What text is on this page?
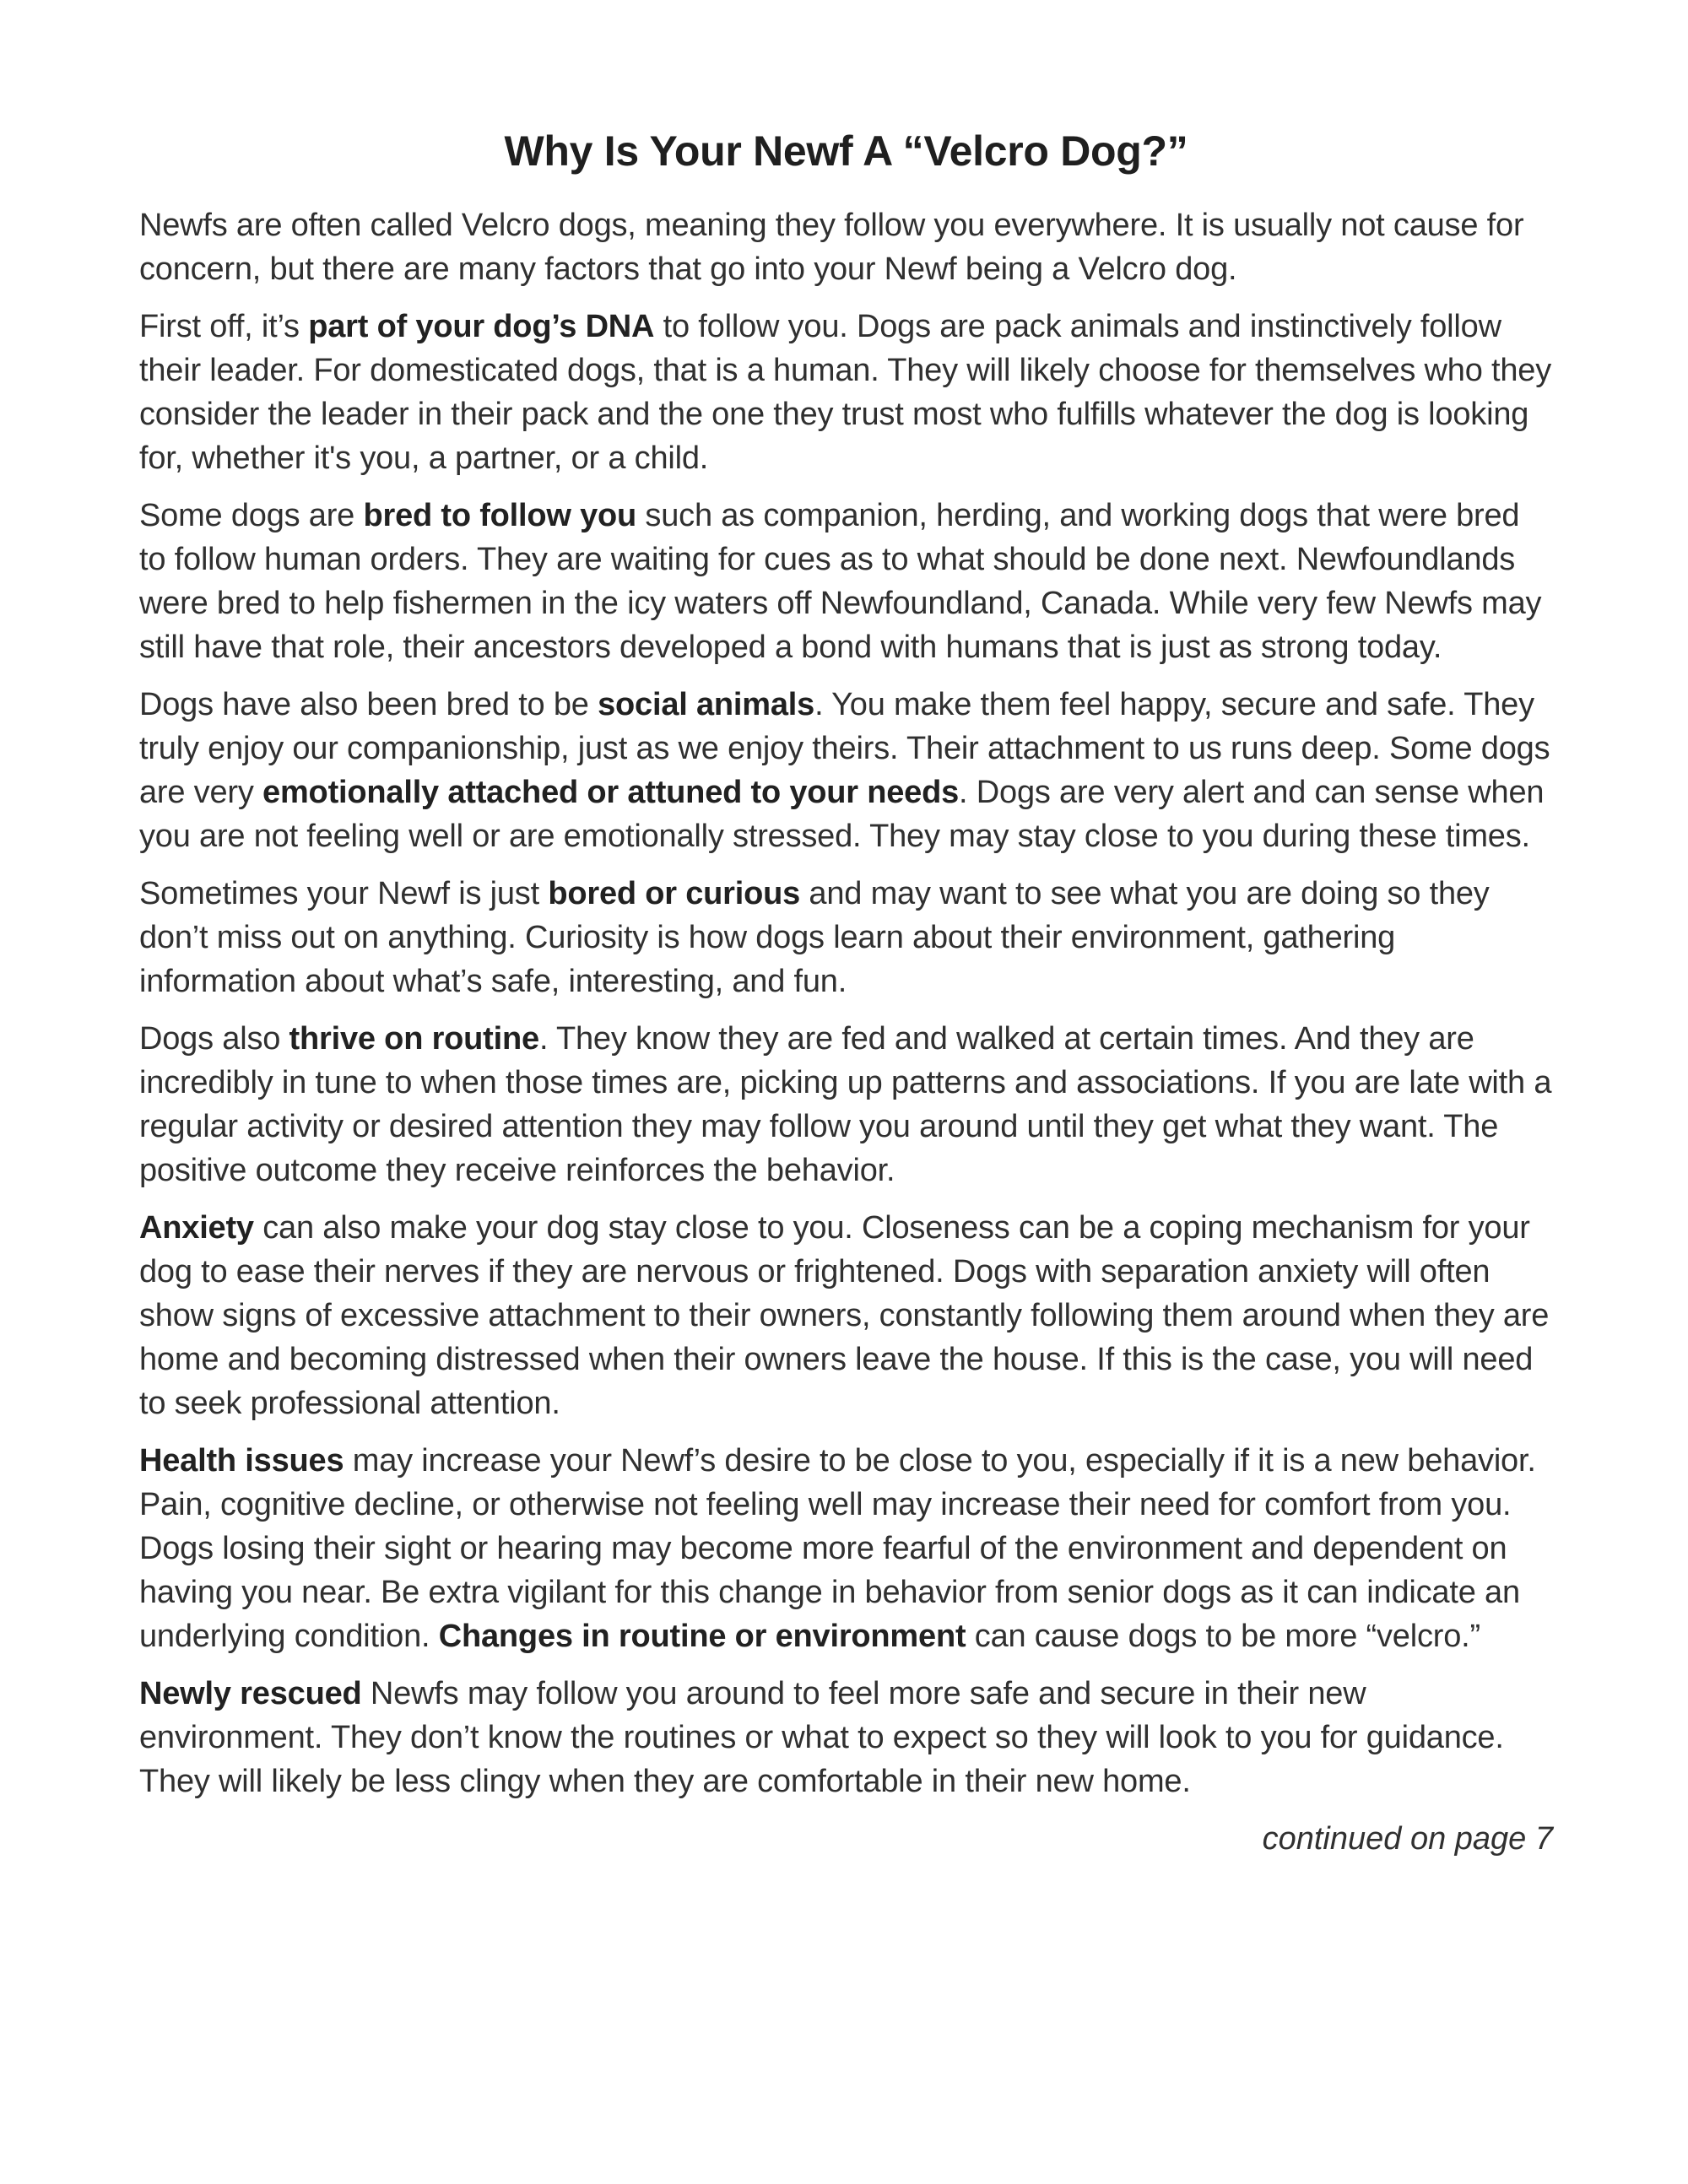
Why Is Your Newf A “Velcro Dog?”

Newfs are often called Velcro dogs, meaning they follow you everywhere. It is usually not cause for concern, but there are many factors that go into your Newf being a Velcro dog.

First off, it’s part of your dog’s DNA to follow you. Dogs are pack animals and instinctively follow their leader. For domesticated dogs, that is a human. They will likely choose for themselves who they consider the leader in their pack and the one they trust most who fulfills whatever the dog is looking for, whether it's you, a partner, or a child.

Some dogs are bred to follow you such as companion, herding, and working dogs that were bred to follow human orders. They are waiting for cues as to what should be done next. Newfoundlands were bred to help fishermen in the icy waters off Newfoundland, Canada. While very few Newfs may still have that role, their ancestors developed a bond with humans that is just as strong today.

Dogs have also been bred to be social animals. You make them feel happy, secure and safe. They truly enjoy our companionship, just as we enjoy theirs. Their attachment to us runs deep. Some dogs are very emotionally attached or attuned to your needs. Dogs are very alert and can sense when you are not feeling well or are emotionally stressed. They may stay close to you during these times.

Sometimes your Newf is just bored or curious and may want to see what you are doing so they don’t miss out on anything. Curiosity is how dogs learn about their environment, gathering information about what’s safe, interesting, and fun.

Dogs also thrive on routine. They know they are fed and walked at certain times. And they are incredibly in tune to when those times are, picking up patterns and associations. If you are late with a regular activity or desired attention they may follow you around until they get what they want. The positive outcome they receive reinforces the behavior.

Anxiety can also make your dog stay close to you. Closeness can be a coping mechanism for your dog to ease their nerves if they are nervous or frightened. Dogs with separation anxiety will often show signs of excessive attachment to their owners, constantly following them around when they are home and becoming distressed when their owners leave the house. If this is the case, you will need to seek professional attention.

Health issues may increase your Newf’s desire to be close to you, especially if it is a new behavior. Pain, cognitive decline, or otherwise not feeling well may increase their need for comfort from you. Dogs losing their sight or hearing may become more fearful of the environment and dependent on having you near. Be extra vigilant for this change in behavior from senior dogs as it can indicate an underlying condition. Changes in routine or environment can cause dogs to be more “velcro.”

Newly rescued Newfs may follow you around to feel more safe and secure in their new environment. They don’t know the routines or what to expect so they will look to you for guidance. They will likely be less clingy when they are comfortable in their new home.

continued on page 7
